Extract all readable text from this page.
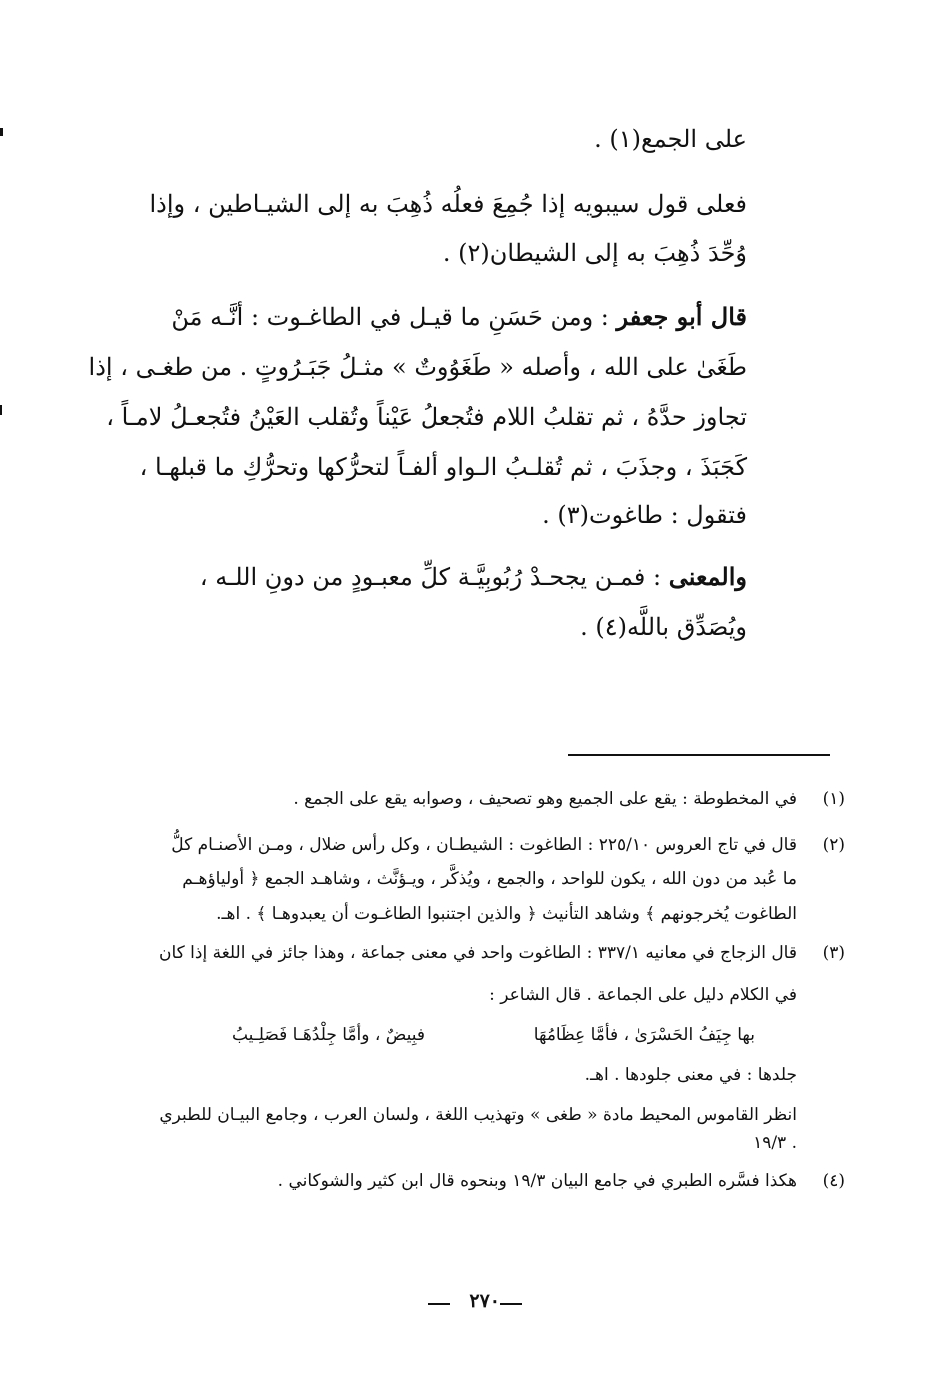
على الجمع(١) .
فعلى قول سيبويه إذا جُمِعَ فعلُه ذُهِبَ به إلى الشيـاطين ، وإذا
وُحِّدَ ذُهِبَ به إلى الشيطان(٢) .
قال أبو جعفر : ومن حَسَنِ ما قيـل في الطاغـوت : أنَّـه مَنْ
طَغَىٰ على الله ، وأصله « طَغَوُوتٌ » مثـلُ جَبَـرُوتٍ . من طغـى ، إذا
تجاوز حدَّهُ ، ثم تقلبُ اللام فتُجعلُ عَيْناً وتُقلب العَيْنُ فتُجعـلُ لامـاً ،
كَجَبَذَ ، وجذَبَ ، ثم تُقلـبُ الـواو ألفـاً لتحرُّكها وتحرُّكِ ما قبلهـا ،
فتقول : طاغوت(٣) .
والمعنى : فمـن يجحـدْ رُبُوبِيَّـة كلِّ معبـودٍ من دونِ اللـه ،
ويُصَدِّق باللَّه(٤) .
(١)
في المخطوطة : يقع على الجميع وهو تصحيف ، وصوابه يقع على الجمع .
(٢)
قال في تاج العروس ٢٢٥/١٠ : الطاغوت : الشيطـان ، وكل رأس ضلال ، ومـن الأصنـام كلُّ
ما عُبد من دون الله ، يكون للواحد ، والجمع ، ويُذكَّر ، ويـؤنَّث ، وشاهـد الجمع ﴿ أولياؤهـم
الطاغوت يُخرجونهم ﴾ وشاهد التأنيث ﴿ والذين اجتنبوا الطاغـوت أن يعبدوهـا ﴾ . اهـ.
(٣)
قال الزجاج في معانيه ٣٣٧/١ : الطاغوت واحد في معنى جماعة ، وهذا جائز في اللغة إذا كان
في الكلام دليل على الجماعة . قال الشاعر :
بها جِيَفُ الحَسْرَىٰ ، فأمَّا عِظَامُهَا
فبِيضٌ ، وأمَّا جِلْدُهَـا فَصَلِـيبُ
جلدها : في معنى جلودها . اهـ.
انظر القاموس المحيط مادة « طغى » وتهذيب اللغة ، ولسان العرب ، وجامع البيـان للطبري
١٩/٣ .
(٤)
هكذا فسَّره الطبري في جامع البيان ١٩/٣ وبنحوه قال ابن كثير والشوكاني .
٢٧٠
